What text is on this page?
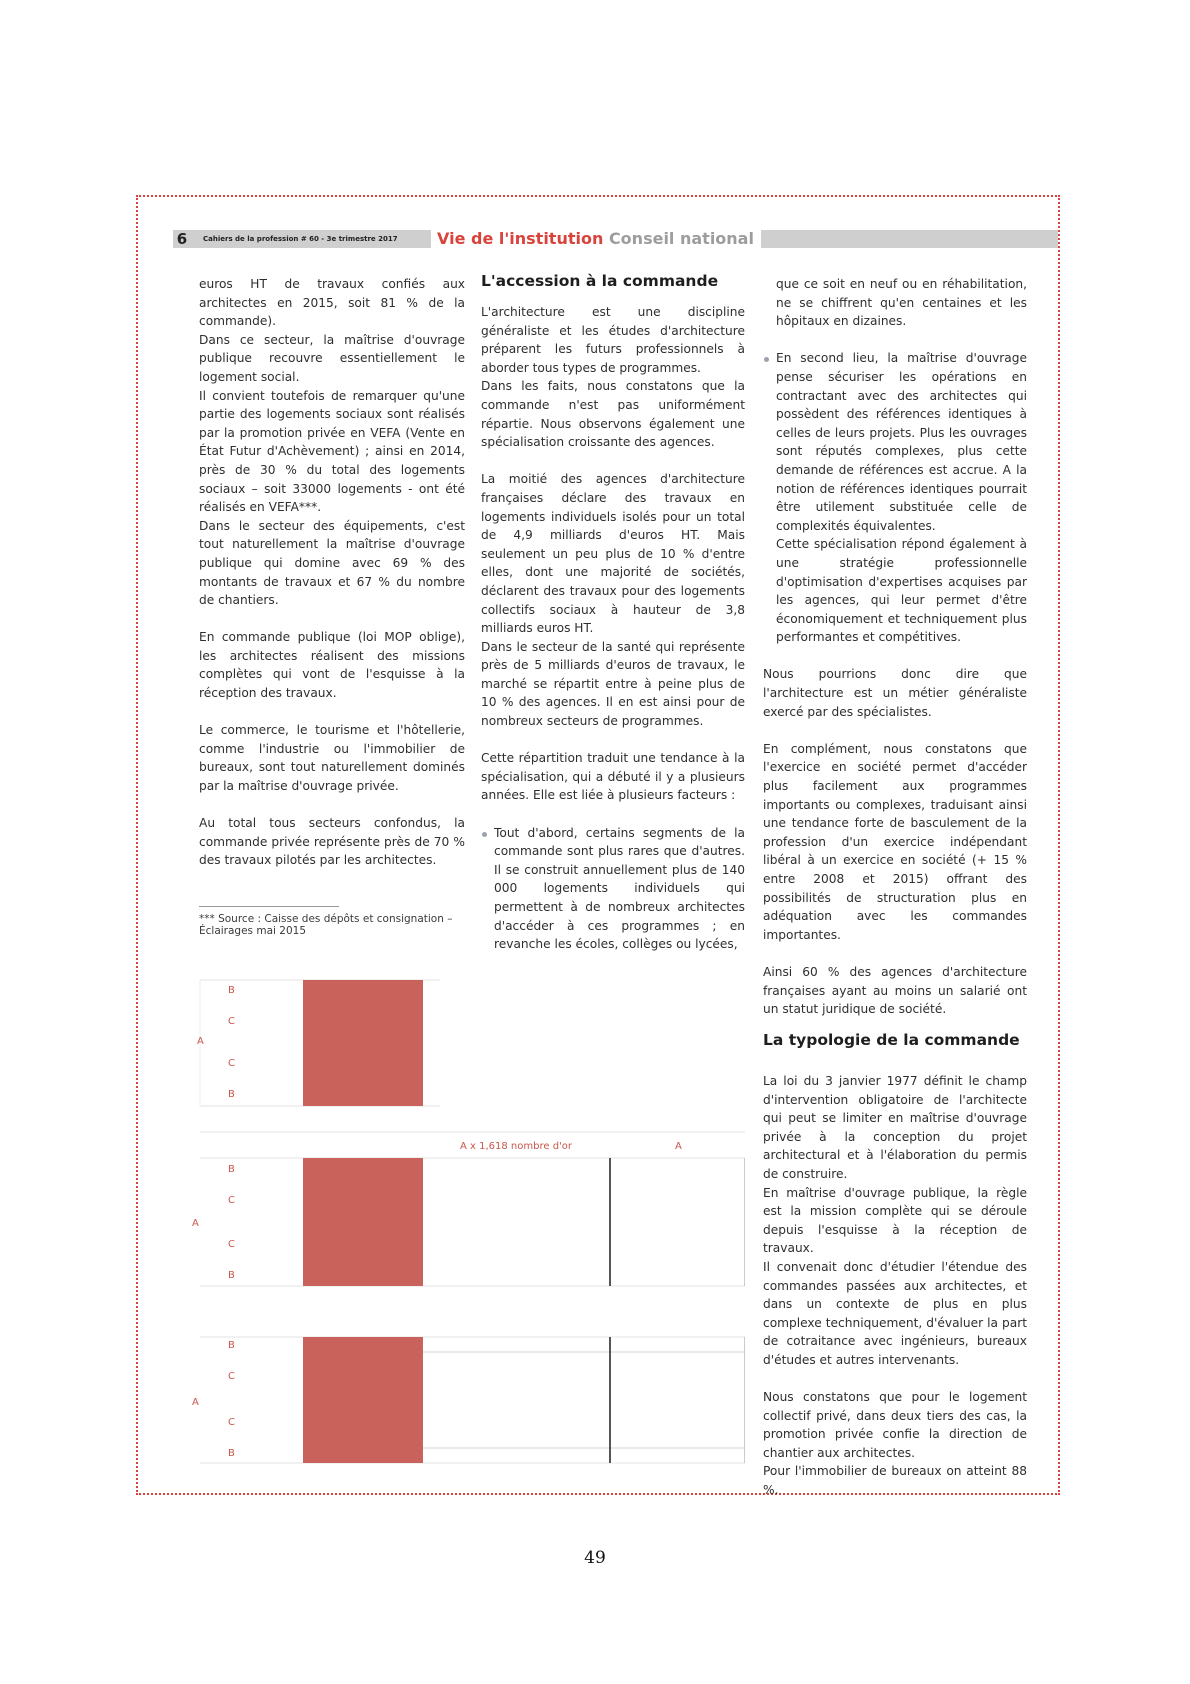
Cahiers de la profession # 60 - 3e trimestre 2017
6	Vie de l'institution Conseil national

euros HT de travaux confiés aux architectes en 2015, soit 81 % de la commande).

Dans ce secteur, la maîtrise d'ouvrage publique recouvre essentiellement le logement social.

Il convient toutefois de remarquer qu'une partie des logements sociaux sont réalisés par la promotion privée en VEFA (Vente en État Futur d'Achèvement) ; ainsi en 2014, près de 30 % du total des logements sociaux – soit 33000 logements - ont été réalisés en VEFA***.

Dans le secteur des équipements, c'est tout naturellement la maîtrise d'ouvrage publique qui domine avec 69 % des montants de travaux et 67 % du nombre de chantiers.

En commande publique (loi MOP oblige), les architectes réalisent des missions complètes qui vont de l'esquisse à la réception des travaux.

Le commerce, le tourisme et l'hôtellerie, comme l'industrie ou l'immobilier de bureaux, sont tout naturellement dominés par la maîtrise d'ouvrage privée.

Au total tous secteurs confondus, la commande privée représente près de 70 % des travaux pilotés par les architectes.

*** Source : Caisse des dépôts et consignation – Éclairages mai 2015
L'accession à la commande

L'architecture est une discipline généraliste et les études d'architecture préparent les futurs professionnels à aborder tous types de programmes.

Dans les faits, nous constatons que la commande n'est pas uniformément répartie. Nous observons également une spécialisation croissante des agences.

La moitié des agences d'architecture françaises déclare des travaux en logements individuels isolés pour un total de 4,9 milliards d'euros HT. Mais seulement un peu plus de 10 % d'entre elles, dont une majorité de sociétés, déclarent des travaux pour des logements collectifs sociaux à hauteur de 3,8 milliards euros HT.

Dans le secteur de la santé qui représente près de 5 milliards d'euros de travaux, le marché se répartit entre à peine plus de 10 % des agences. Il en est ainsi pour de nombreux secteurs de programmes.

Cette répartition traduit une tendance à la spécialisation, qui a débuté il y a plusieurs années. Elle est liée à plusieurs facteurs :

Tout d'abord, certains segments de la commande sont plus rares que d'autres. Il se construit annuellement plus de 140 000 logements individuels qui permettent à de nombreux architectes d'accéder à ces programmes ; en revanche les écoles, collèges ou lycées,

que ce soit en neuf ou en réhabilitation, ne se chiffrent qu'en centaines et les hôpitaux en dizaines.

En second lieu, la maîtrise d'ouvrage pense sécuriser les opérations en contractant avec des architectes qui possèdent des références identiques à celles de leurs projets. Plus les ouvrages sont réputés complexes, plus cette demande de références est accrue. A la notion de références identiques pourrait être utilement substituée celle de complexités équivalentes.

Cette spécialisation répond également à une stratégie professionnelle d'optimisation d'expertises acquises par les agences, qui leur permet d'être économiquement et techniquement plus performantes et compétitives.

Nous pourrions donc dire que l'architecture est un métier généraliste exercé par des spécialistes.

En complément, nous constatons que l'exercice en société permet d'accéder plus facilement aux programmes importants ou complexes, traduisant ainsi une tendance forte de basculement de la profession d'un exercice indépendant libéral à un exercice en société (+ 15 % entre 2008 et 2015) offrant des possibilités de structuration plus en adéquation avec les commandes importantes.

Ainsi 60 % des agences d'architecture françaises ayant au moins un salarié ont un statut juridique de société.

La typologie de la commande

La loi du 3 janvier 1977 définit le champ d'intervention obligatoire de l'architecte qui peut se limiter en maîtrise d'ouvrage privée à la conception du projet architectural et à l'élaboration du permis de construire.

En maîtrise d'ouvrage publique, la règle est la mission complète qui se déroule depuis l'esquisse à la réception de travaux.

Il convenait donc d'étudier l'étendue des commandes passées aux architectes, et dans un contexte de plus en plus complexe techniquement, d'évaluer la part de cotraitance avec ingénieurs, bureaux d'études et autres intervenants.

Nous constatons que pour le logement collectif privé, dans deux tiers des cas, la promotion privée confie la direction de chantier aux architectes.

Pour l'immobilier de bureaux on atteint 88 %.

A
B
C
C
B
A x 1,618 nombre d'or	A
A
B
C
C
B
A
B
C
C
B
49
